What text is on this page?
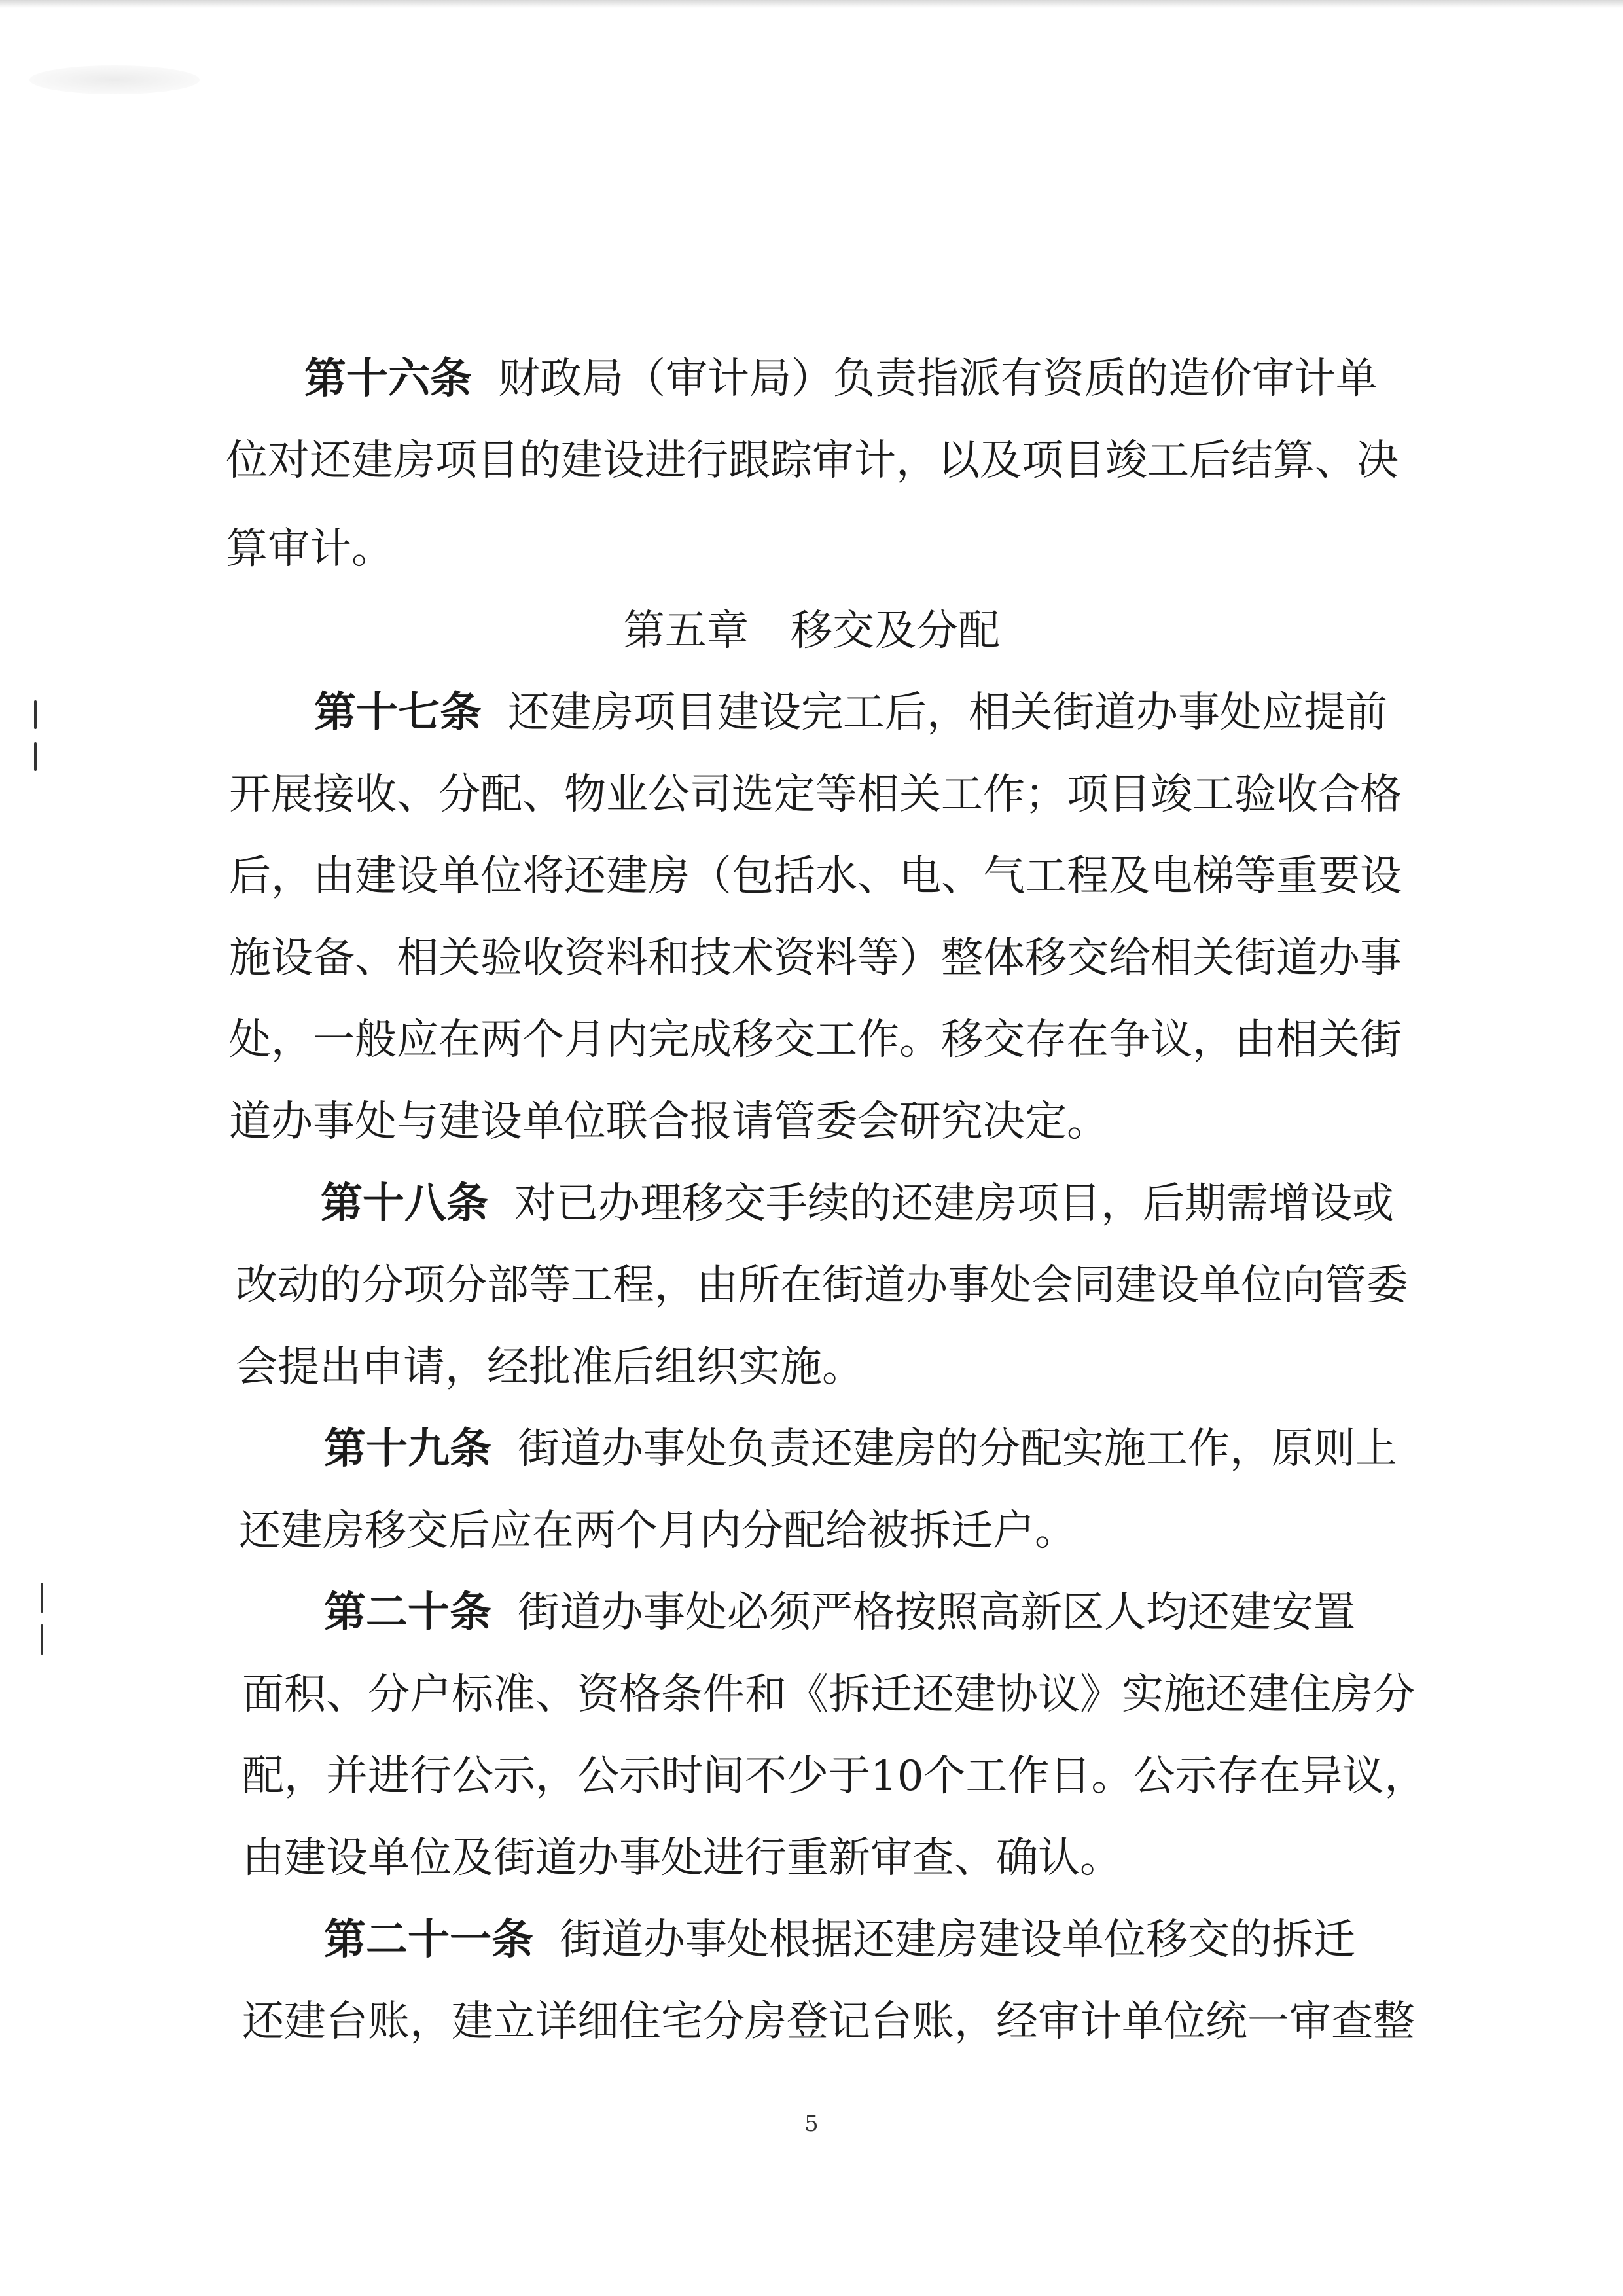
第十六条 财政局（审计局）负责指派有资质的造价审计单
位对还建房项目的建设进行跟踪审计，以及项目竣工后结算、决
算审计。
第五章　移交及分配
第十七条 还建房项目建设完工后，相关街道办事处应提前
开展接收、分配、物业公司选定等相关工作；项目竣工验收合格
后，由建设单位将还建房（包括水、电、气工程及电梯等重要设
施设备、相关验收资料和技术资料等）整体移交给相关街道办事
处，一般应在两个月内完成移交工作。移交存在争议，由相关街
道办事处与建设单位联合报请管委会研究决定。
第十八条 对已办理移交手续的还建房项目，后期需增设或
改动的分项分部等工程，由所在街道办事处会同建设单位向管委
会提出申请，经批准后组织实施。
第十九条 街道办事处负责还建房的分配实施工作，原则上
还建房移交后应在两个月内分配给被拆迁户。
第二十条 街道办事处必须严格按照高新区人均还建安置
面积、分户标准、资格条件和《拆迁还建协议》实施还建住房分
配，并进行公示，公示时间不少于10个工作日。公示存在异议，
由建设单位及街道办事处进行重新审查、确认。
第二十一条 街道办事处根据还建房建设单位移交的拆迁
还建台账，建立详细住宅分房登记台账，经审计单位统一审查整
5
